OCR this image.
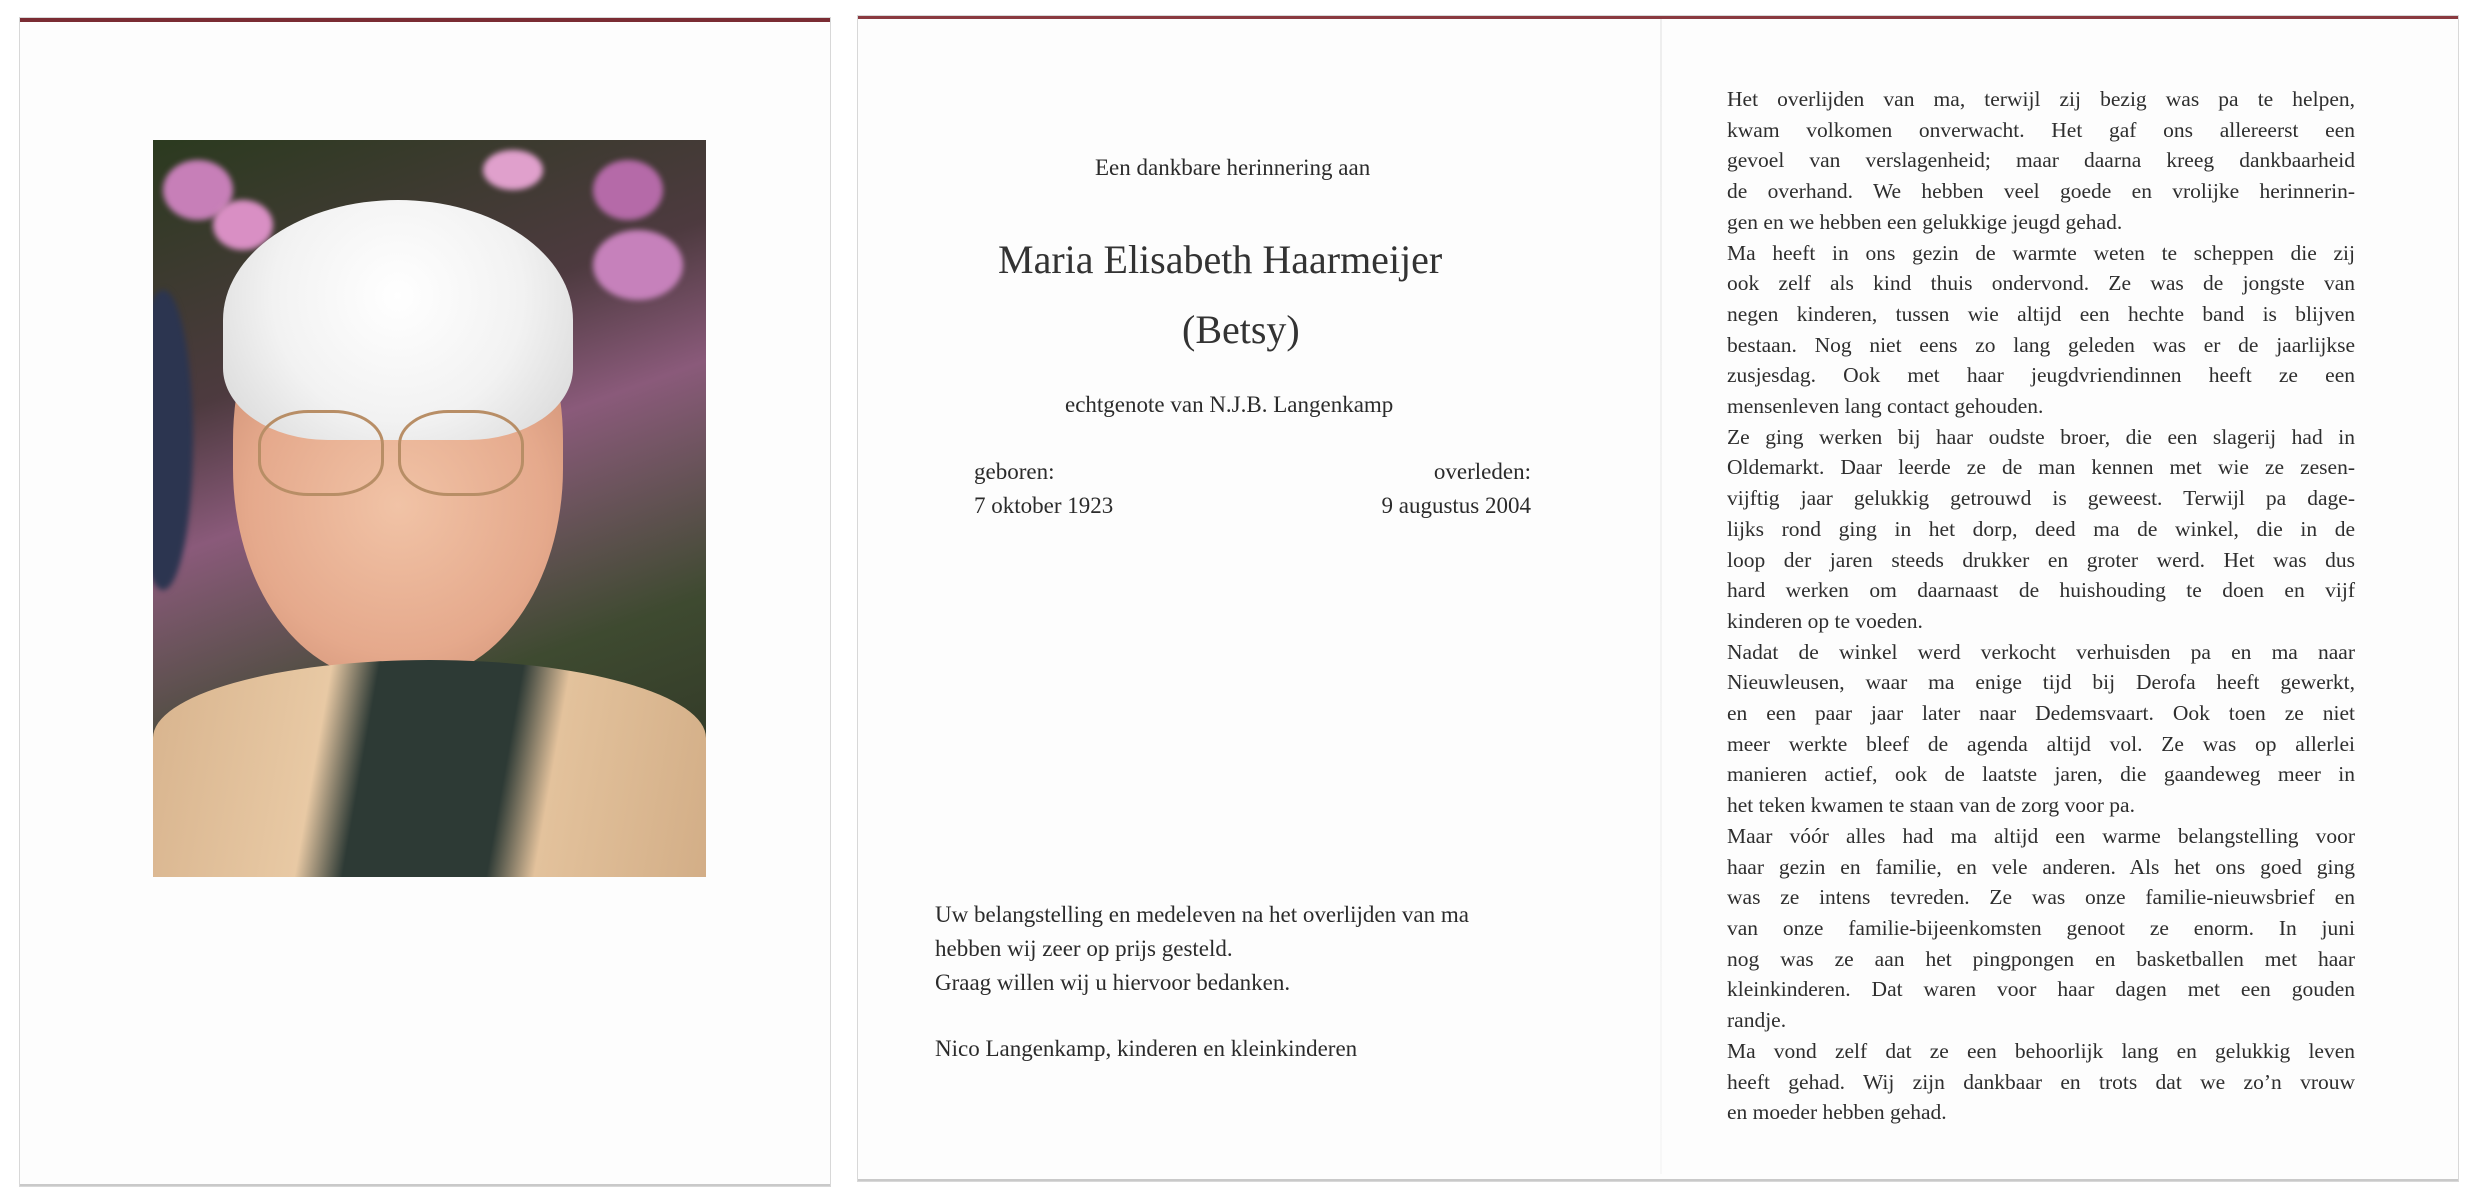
Een dankbare herinnering aan
Maria Elisabeth Haarmeijer
(Betsy)
echtgenote van N.J.B. Langenkamp
geboren:
7 oktober 1923
overleden:
9 augustus 2004
Uw belangstelling en medeleven na het overlijden van ma
hebben wij zeer op prijs gesteld.
Graag willen wij u hiervoor bedanken.
Nico Langenkamp, kinderen en kleinkinderen
Het overlijden van ma, terwijl zij bezig was pa te helpen,
kwam volkomen onverwacht. Het gaf ons allereerst een
gevoel van verslagenheid; maar daarna kreeg dankbaarheid
de overhand. We hebben veel goede en vrolijke herinnerin-
gen en we hebben een gelukkige jeugd gehad.
Ma heeft in ons gezin de warmte weten te scheppen die zij
ook zelf als kind thuis ondervond. Ze was de jongste van
negen kinderen, tussen wie altijd een hechte band is blijven
bestaan. Nog niet eens zo lang geleden was er de jaarlijkse
zusjesdag. Ook met haar jeugdvriendinnen heeft ze een
mensenleven lang contact gehouden.
Ze ging werken bij haar oudste broer, die een slagerij had in
Oldemarkt. Daar leerde ze de man kennen met wie ze zesen-
vijftig jaar gelukkig getrouwd is geweest. Terwijl pa dage-
lijks rond ging in het dorp, deed ma de winkel, die in de
loop der jaren steeds drukker en groter werd. Het was dus
hard werken om daarnaast de huishouding te doen en vijf
kinderen op te voeden.
Nadat de winkel werd verkocht verhuisden pa en ma naar
Nieuwleusen, waar ma enige tijd bij Derofa heeft gewerkt,
en een paar jaar later naar Dedemsvaart. Ook toen ze niet
meer werkte bleef de agenda altijd vol. Ze was op allerlei
manieren actief, ook de laatste jaren, die gaandeweg meer in
het teken kwamen te staan van de zorg voor pa.
Maar vóór alles had ma altijd een warme belangstelling voor
haar gezin en familie, en vele anderen. Als het ons goed ging
was ze intens tevreden. Ze was onze familie-nieuwsbrief en
van onze familie-bijeenkomsten genoot ze enorm. In juni
nog was ze aan het pingpongen en basketballen met haar
kleinkinderen. Dat waren voor haar dagen met een gouden
randje.
Ma vond zelf dat ze een behoorlijk lang en gelukkig leven
heeft gehad. Wij zijn dankbaar en trots dat we zo’n vrouw
en moeder hebben gehad.
